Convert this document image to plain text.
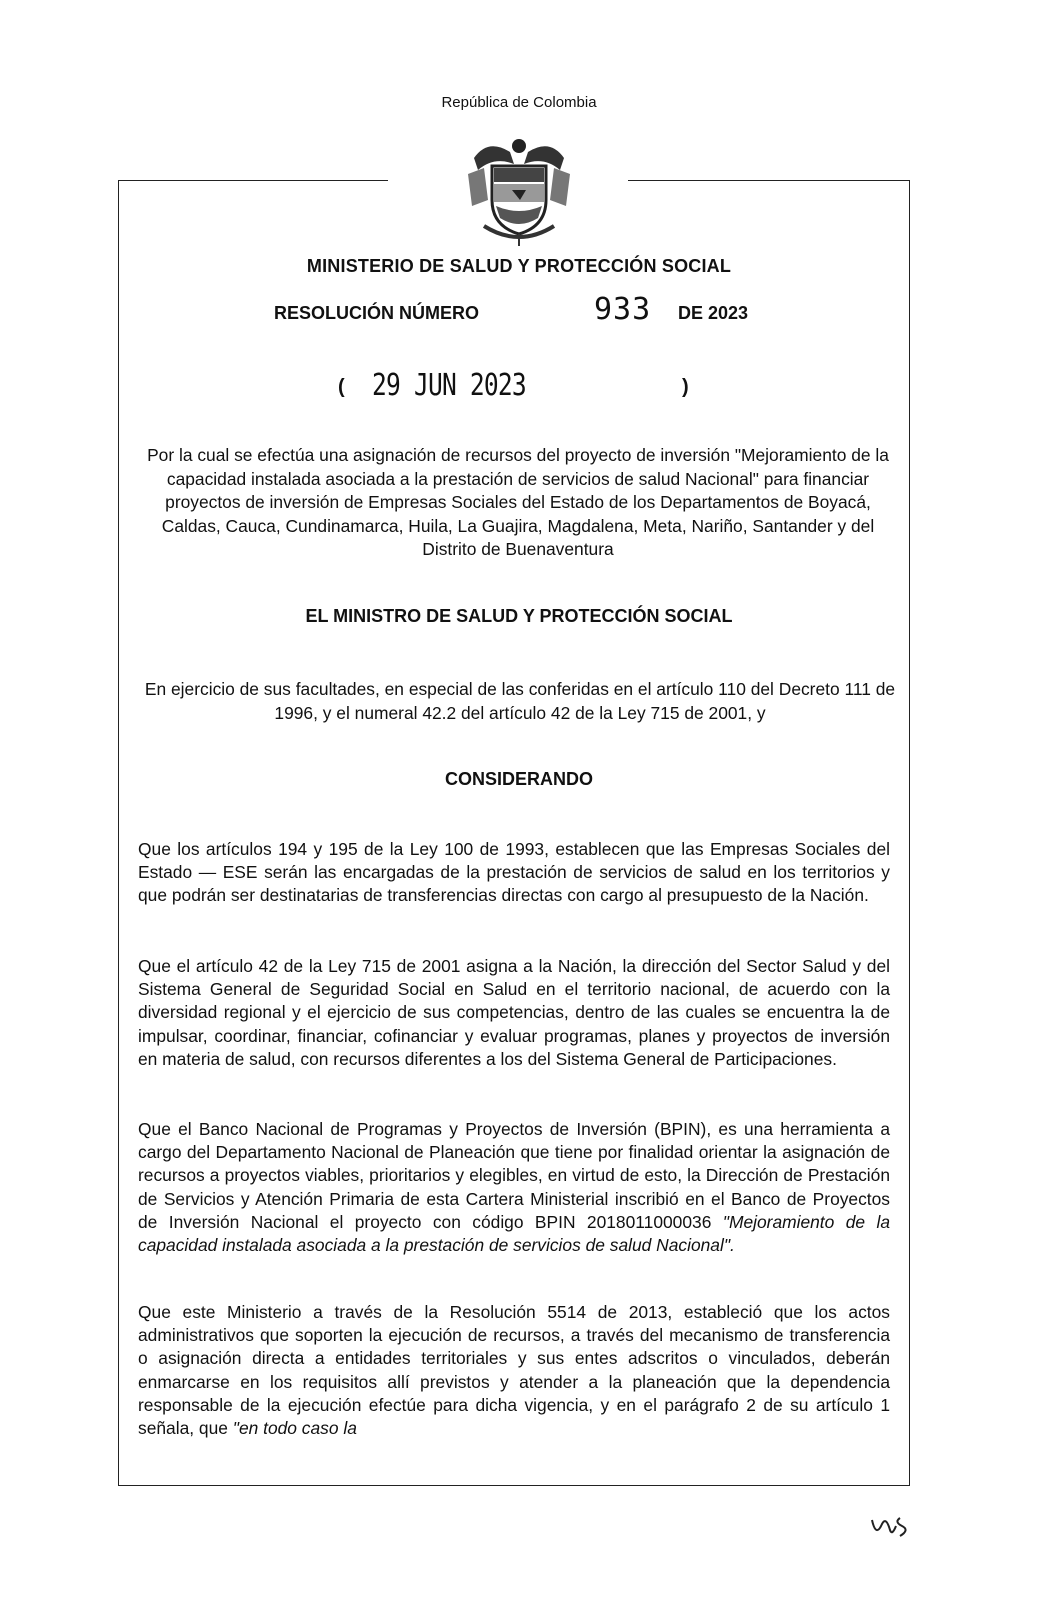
República de Colombia
MINISTERIO DE SALUD Y PROTECCIÓN SOCIAL
RESOLUCIÓN NÚMERO	933 DE 2023
( 29 JUN 2023	)
Por la cual se efectúa una asignación de recursos del proyecto de inversión "Mejoramiento de la capacidad instalada asociada a la prestación de servicios de salud Nacional" para financiar proyectos de inversión de Empresas Sociales del Estado de los Departamentos de Boyacá, Caldas, Cauca, Cundinamarca, Huila, La Guajira, Magdalena, Meta, Nariño, Santander y del Distrito de Buenaventura
EL MINISTRO DE SALUD Y PROTECCIÓN SOCIAL
En ejercicio de sus facultades, en especial de las conferidas en el artículo 110 del Decreto 111 de 1996, y el numeral 42.2 del artículo 42 de la Ley 715 de 2001, y
CONSIDERANDO

Que los artículos 194 y 195 de la Ley 100 de 1993, establecen que las Empresas Sociales del Estado — ESE serán las encargadas de la prestación de servicios de salud en los territorios y que podrán ser destinatarias de transferencias directas con cargo al presupuesto de la Nación.

Que el artículo 42 de la Ley 715 de 2001 asigna a la Nación, la dirección del Sector Salud y del Sistema General de Seguridad Social en Salud en el territorio nacional, de acuerdo con la diversidad regional y el ejercicio de sus competencias, dentro de las cuales se encuentra la de impulsar, coordinar, financiar, cofinanciar y evaluar programas, planes y proyectos de inversión en materia de salud, con recursos diferentes a los del Sistema General de Participaciones.

Que el Banco Nacional de Programas y Proyectos de Inversión (BPIN), es una herramienta a cargo del Departamento Nacional de Planeación que tiene por finalidad orientar la asignación de recursos a proyectos viables, prioritarios y elegibles, en virtud de esto, la Dirección de Prestación de Servicios y Atención Primaria de esta Cartera Ministerial inscribió en el Banco de Proyectos de Inversión Nacional el proyecto con código BPIN 2018011000036 "Mejoramiento de la capacidad instalada asociada a la prestación de servicios de salud Nacional".

Que este Ministerio a través de la Resolución 5514 de 2013, estableció que los actos administrativos que soporten la ejecución de recursos, a través del mecanismo de transferencia o asignación directa a entidades territoriales y sus entes adscritos o vinculados, deberán enmarcarse en los requisitos allí previstos y atender a la planeación que la dependencia responsable de la ejecución efectúe para dicha vigencia, y en el parágrafo 2 de su artículo 1 señala, que "en todo caso la
